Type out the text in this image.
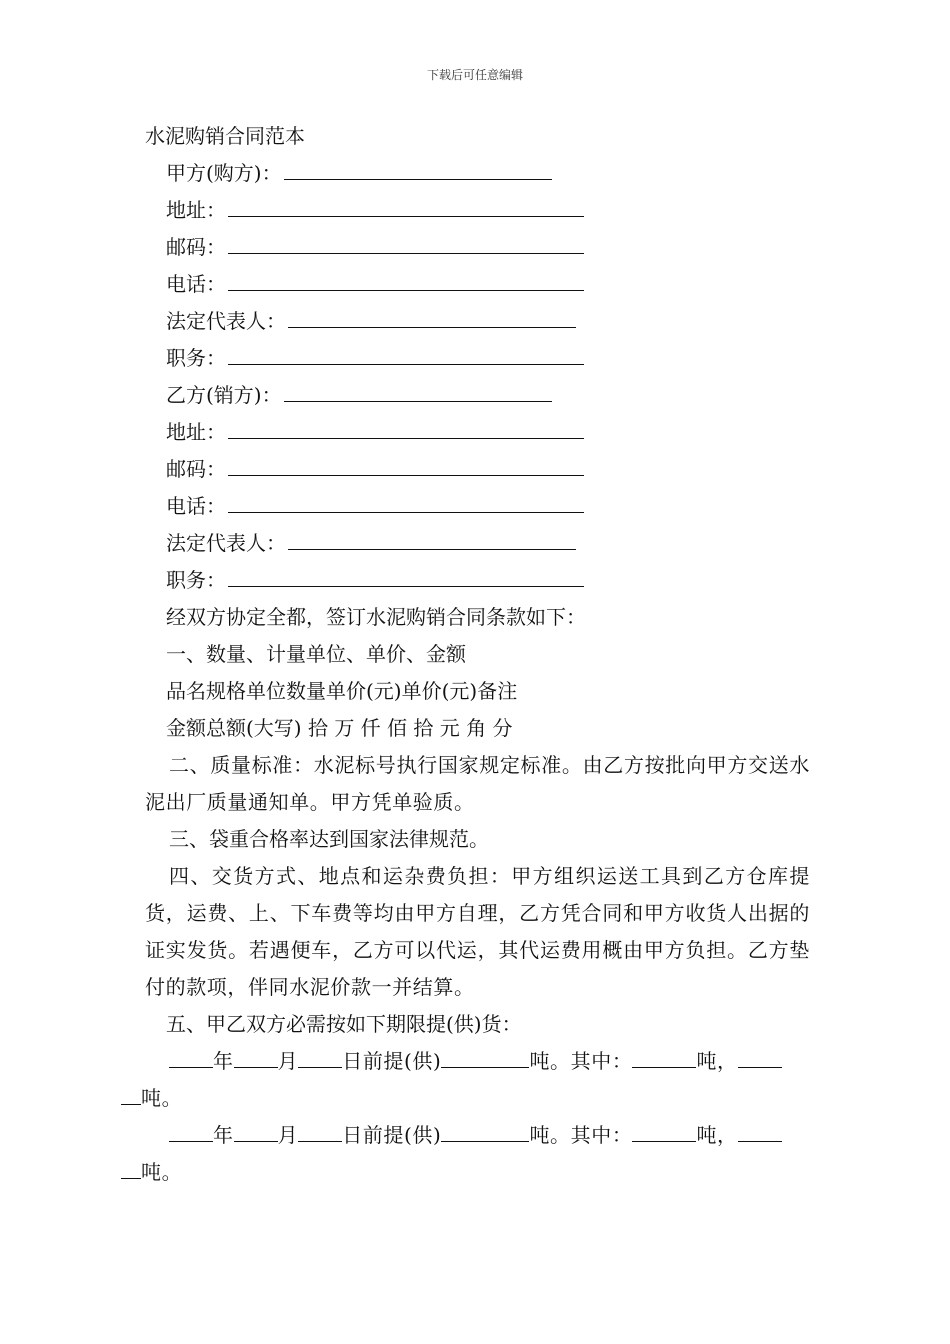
下载后可任意编辑
水泥购销合同范本
甲方(购方)：
地址：
邮码：
电话：
法定代表人：
职务：
乙方(销方)：
地址：
邮码：
电话：
法定代表人：
职务：
经双方协定全都，签订水泥购销合同条款如下：
一、数量、计量单位、单价、金额
品名规格单位数量单价(元)单价(元)备注
金额总额(大写) 拾 万 仟 佰 拾 元 角 分
二、质量标准：水泥标号执行国家规定标准。由乙方按批向甲方交送水泥出厂质量通知单。甲方凭单验质。
三、袋重合格率达到国家法律规范。
四、交货方式、地点和运杂费负担：甲方组织运送工具到乙方仓库提货，运费、上、下车费等均由甲方自理，乙方凭合同和甲方收货人出据的证实发货。若遇便车，乙方可以代运，其代运费用概由甲方负担。乙方垫付的款项，伴同水泥价款一并结算。
五、甲乙双方必需按如下期限提(供)货：
年 月 日前提(供)	吨。其中：	吨，
吨。
年 月 日前提(供)	吨。其中：	吨，
吨。
